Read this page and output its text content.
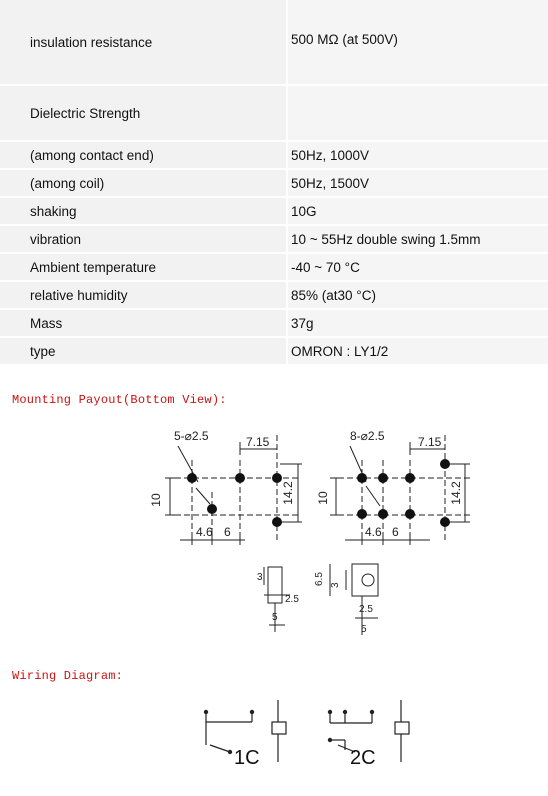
insulation resistance	500 MΩ (at 500V)
Dielectric Strength
(among contact end)	50Hz, 1000V
(among coil)	50Hz, 1500V
shaking	10G
vibration	10 ~ 55Hz double swing 1.5mm
Ambient temperature	-40 ~ 70 °C
relative humidity	85% (at30 °C)
Mass	37g
type	OMRON : LY1/2
Mounting Payout(Bottom View):
5-⌀2.5	7.15
10	14.2
4.6 6
8-⌀2.5	7.15
10	14.2
4.6 6
3
2.5
5
6.5 3
2.5
5
Wiring Diagram:
1C	2C
